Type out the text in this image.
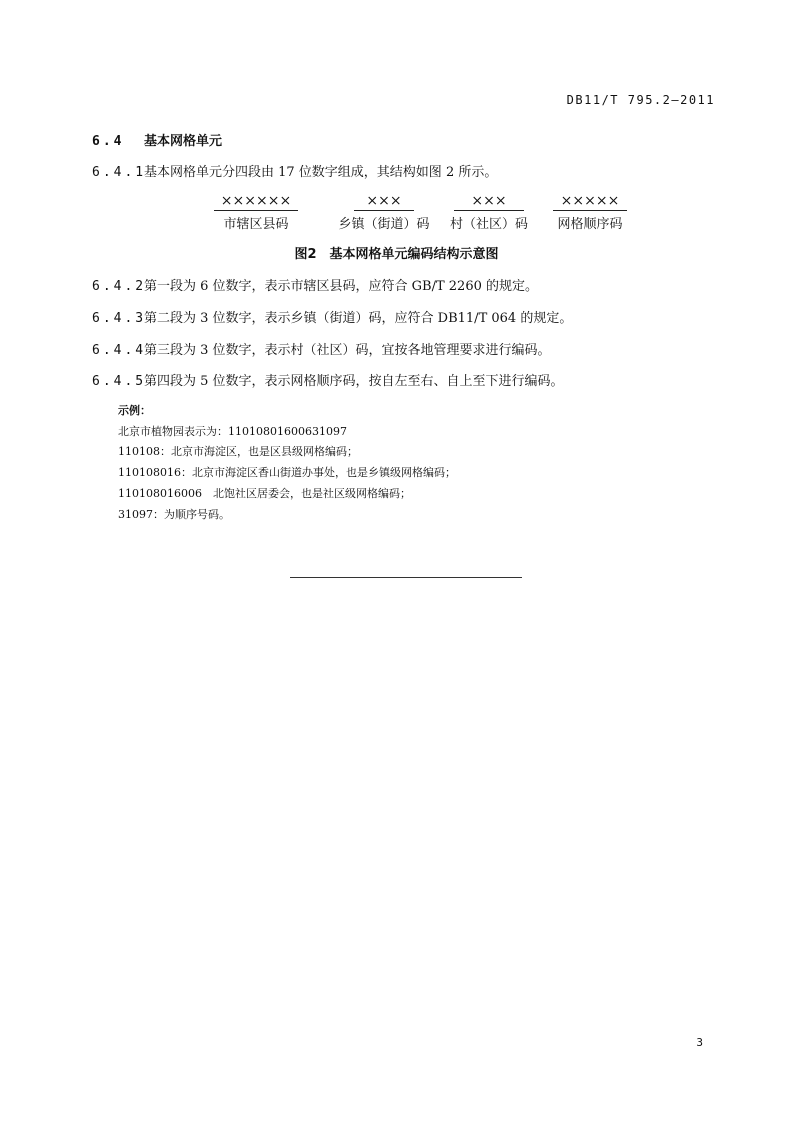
DB11/T 795.2—2011
6.4 基本网格单元
6.4.1基本网格单元分四段由 17 位数字组成，其结构如图 2 所示。
××××××
市辖区县码
×××
乡镇（街道）码
×××
村（社区）码
×××××
网格顺序码
图2　基本网格单元编码结构示意图
6.4.2第一段为 6 位数字，表示市辖区县码，应符合 GB/T 2260 的规定。
6.4.3第二段为 3 位数字，表示乡镇（街道）码，应符合 DB11/T 064 的规定。
6.4.4第三段为 3 位数字，表示村（社区）码，宜按各地管理要求进行编码。
6.4.5第四段为 5 位数字，表示网格顺序码，按自左至右、自上至下进行编码。
示例：
北京市植物园表示为：11010801600631097
110108：北京市海淀区，也是区县级网格编码；
110108016：北京市海淀区香山街道办事处，也是乡镇级网格编码；
110108016006　北饱社区居委会，也是社区级网格编码；
31097：为顺序号码。
3
